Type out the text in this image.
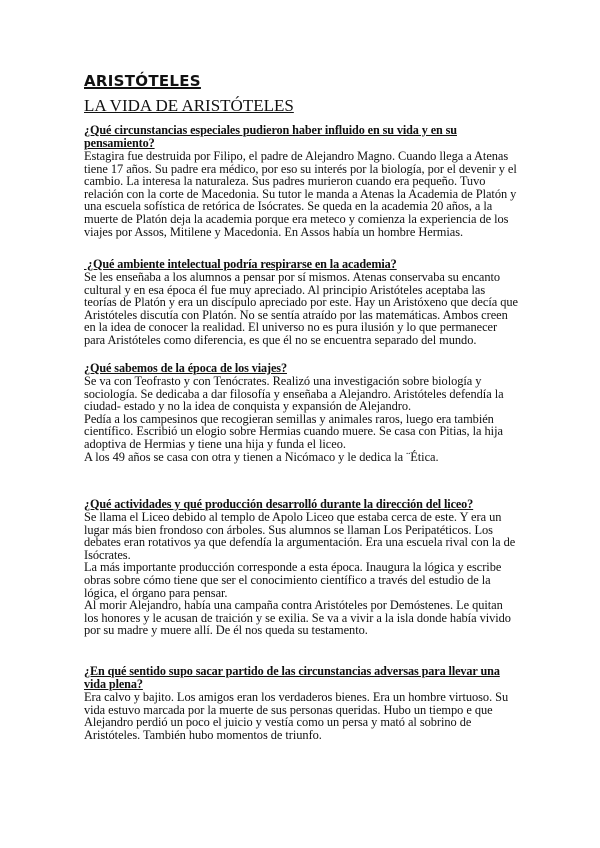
ARISTÓTELES
LA VIDA DE ARISTÓTELES
¿Qué circunstancias especiales pudieron haber influido en su vida y en su
pensamiento?
Estagira fue destruida por Filipo, el padre de Alejandro Magno. Cuando llega a Atenas
tiene 17 años. Su padre era médico, por eso su interés por la biología, por el devenir y el
cambio. La interesa la naturaleza. Sus padres murieron cuando era pequeño. Tuvo
relación con la corte de Macedonia. Su tutor le manda a Atenas la Academia de Platón y
una escuela sofística de retórica de Isócrates. Se queda en la academia 20 años, a la
muerte de Platón deja la academia porque era meteco y comienza la experiencia de los
viajes por Assos, Mitilene y Macedonia. En Assos había un hombre Hermias.
¿Qué ambiente intelectual podría respirarse en la academia?
Se les enseñaba a los alumnos a pensar por sí mismos. Atenas conservaba su encanto
cultural y en esa época él fue muy apreciado. Al principio Aristóteles aceptaba las
teorías de Platón y era un discípulo apreciado por este. Hay un Aristóxeno que decía que
Aristóteles discutía con Platón. No se sentía atraído por las matemáticas. Ambos creen
en la idea de conocer la realidad. El universo no es pura ilusión y lo que permanecer
para Aristóteles como diferencia, es que él no se encuentra separado del mundo.
¿Qué sabemos de la época de los viajes?
Se va con Teofrasto y con Tenócrates. Realizó una investigación sobre biología y
sociología. Se dedicaba a dar filosofía y enseñaba a Alejandro. Aristóteles defendía la
ciudad- estado y no la idea de conquista y expansión de Alejandro.
Pedía a los campesinos que recogieran semillas y animales raros, luego era también
científico. Escribió un elogio sobre Hermias cuando muere. Se casa con Pitias, la hija
adoptiva de Hermias y tiene una hija y funda el liceo.
A los 49 años se casa con otra y tienen a Nicómaco y le dedica la ¨Ética.
¿Qué actividades y qué producción desarrolló durante la dirección del liceo?
Se llama el Liceo debido al templo de Apolo Liceo que estaba cerca de este. Y era un
lugar más bien frondoso con árboles. Sus alumnos se llaman Los Peripatéticos. Los
debates eran rotativos ya que defendía la argumentación. Era una escuela rival con la de
Isócrates.
La más importante producción corresponde a esta época. Inaugura la lógica y escribe
obras sobre cómo tiene que ser el conocimiento científico a través del estudio de la
lógica, el órgano para pensar.
Al morir Alejandro, había una campaña contra Aristóteles por Demóstenes. Le quitan
los honores y le acusan de traición y se exilia. Se va a vivir a la isla donde había vivido
por su madre y muere allí. De él nos queda su testamento.
¿En qué sentido supo sacar partido de las circunstancias adversas para llevar una
vida plena?
Era calvo y bajito. Los amigos eran los verdaderos bienes. Era un hombre virtuoso. Su
vida estuvo marcada por la muerte de sus personas queridas. Hubo un tiempo e que
Alejandro perdió un poco el juicio y vestía como un persa y mató al sobrino de
Aristóteles. También hubo momentos de triunfo.
